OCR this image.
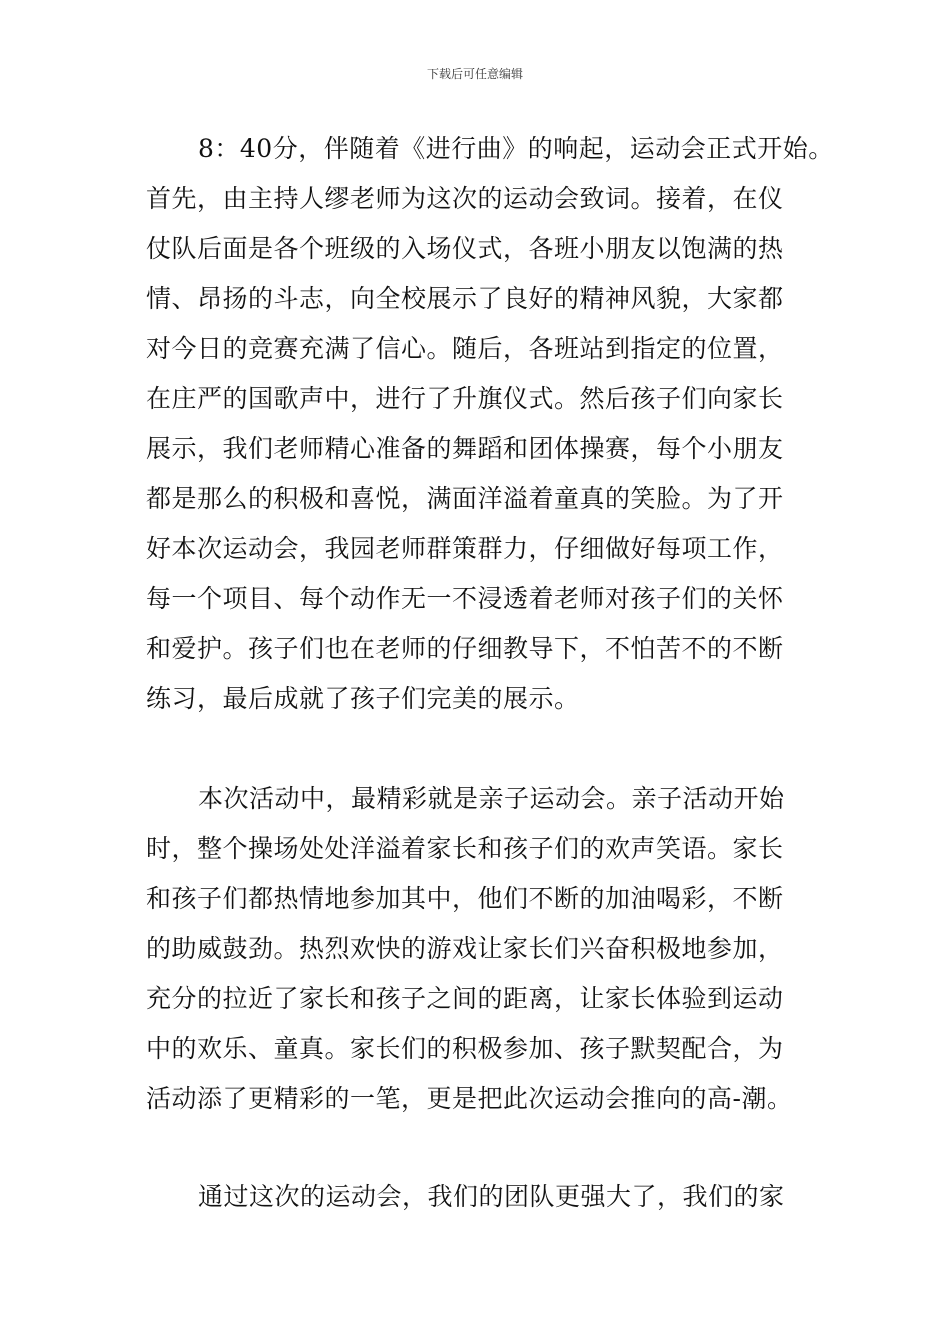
下载后可任意编辑
8：40分，伴随着《进行曲》的响起，运动会正式开始。
首先，由主持人缪老师为这次的运动会致词。接着，在仪
仗队后面是各个班级的入场仪式，各班小朋友以饱满的热
情、昂扬的斗志，向全校展示了良好的精神风貌，大家都
对今日的竞赛充满了信心。随后，各班站到指定的位置，
在庄严的国歌声中，进行了升旗仪式。然后孩子们向家长
展示，我们老师精心准备的舞蹈和团体操赛，每个小朋友
都是那么的积极和喜悦，满面洋溢着童真的笑脸。为了开
好本次运动会，我园老师群策群力，仔细做好每项工作，
每一个项目、每个动作无一不浸透着老师对孩子们的关怀
和爱护。孩子们也在老师的仔细教导下，不怕苦不的不断
练习，最后成就了孩子们完美的展示。
本次活动中，最精彩就是亲子运动会。亲子活动开始
时，整个操场处处洋溢着家长和孩子们的欢声笑语。家长
和孩子们都热情地参加其中，他们不断的加油喝彩，不断
的助威鼓劲。热烈欢快的游戏让家长们兴奋积极地参加，
充分的拉近了家长和孩子之间的距离，让家长体验到运动
中的欢乐、童真。家长们的积极参加、孩子默契配合，为
活动添了更精彩的一笔，更是把此次运动会推向的高-潮。
通过这次的运动会，我们的团队更强大了，我们的家
